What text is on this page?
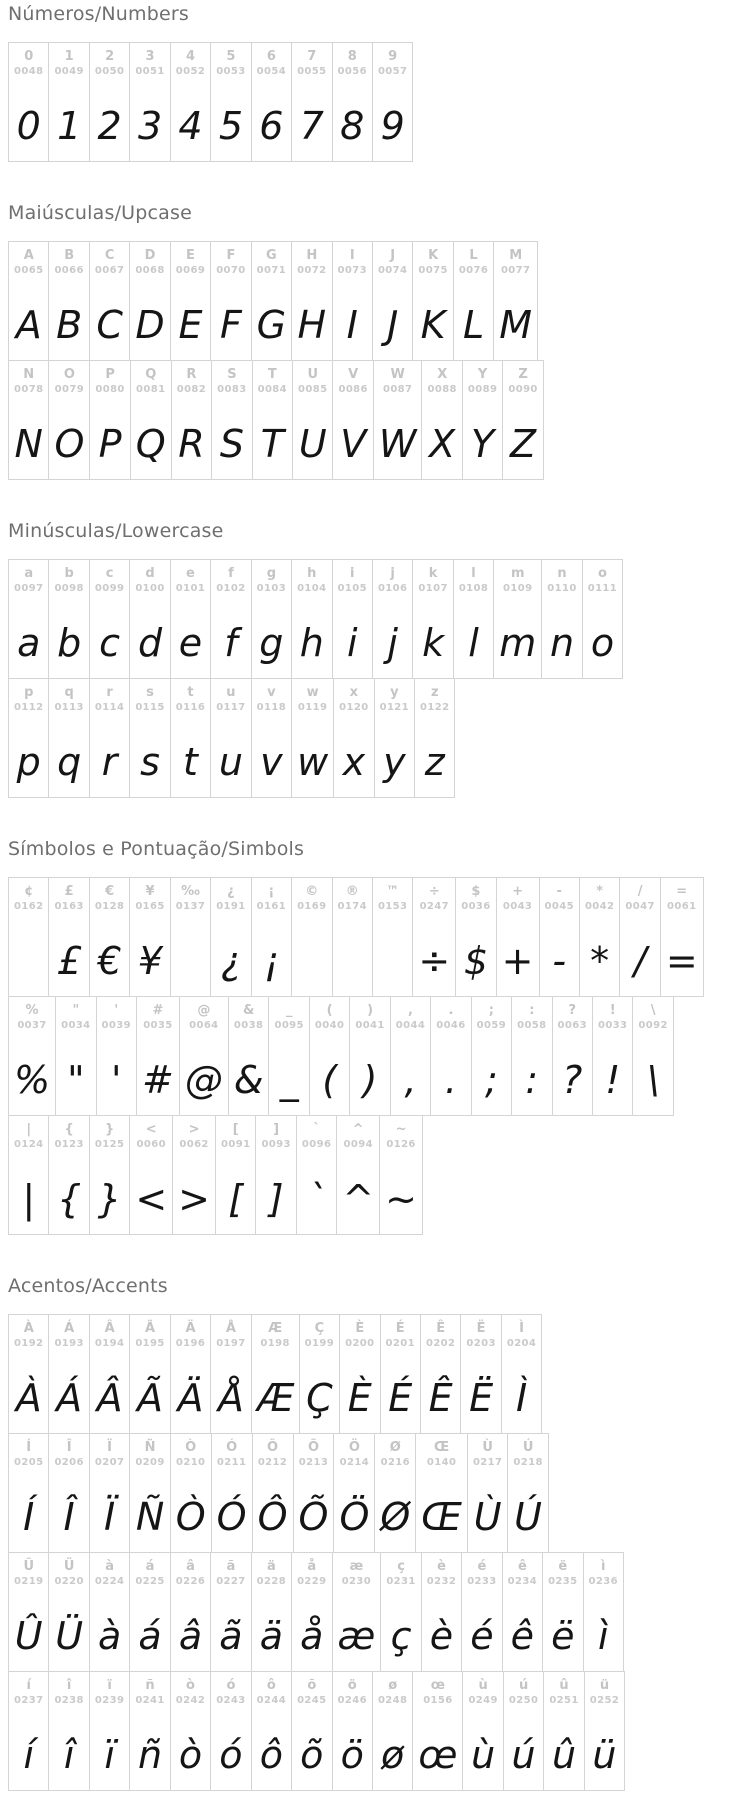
Números/Numbers
0
0048
0
1
0049
1
2
0050
2
3
0051
3
4
0052
4
5
0053
5
6
0054
6
7
0055
7
8
0056
8
9
0057
9
Maiúsculas/Upcase
A
0065
A
B
0066
B
C
0067
C
D
0068
D
E
0069
E
F
0070
F
G
0071
G
H
0072
H
I
0073
I
J
0074
J
K
0075
K
L
0076
L
M
0077
M
N
0078
N
O
0079
O
P
0080
P
Q
0081
Q
R
0082
R
S
0083
S
T
0084
T
U
0085
U
V
0086
V
W
0087
W
X
0088
X
Y
0089
Y
Z
0090
Z
Minúsculas/Lowercase
a
0097
a
b
0098
b
c
0099
c
d
0100
d
e
0101
e
f
0102
f
g
0103
g
h
0104
h
i
0105
i
j
0106
j
k
0107
k
l
0108
l
m
0109
m
n
0110
n
o
0111
o
p
0112
p
q
0113
q
r
0114
r
s
0115
s
t
0116
t
u
0117
u
v
0118
v
w
0119
w
x
0120
x
y
0121
y
z
0122
z
Símbolos e Pontuação/Simbols
¢
0162
£
0163
£
€
0128
€
¥
0165
¥
‰
0137
¿
0191
¿
¡
0161
¡
©
0169
®
0174
™
0153
÷
0247
÷
$
0036
$
+
0043
+
-
0045
-
*
0042
*
/
0047
/
=
0061
=
%
0037
%
"
0034
"
'
0039
'
#
0035
#
@
0064
@
&
0038
&
_
0095
_
(
0040
(
)
0041
)
,
0044
,
.
0046
.
;
0059
;
:
0058
:
?
0063
?
!
0033
!
\
0092
\
|
0124
|
{
0123
{
}
0125
}
<
0060
<
>
0062
>
[
0091
[
]
0093
]
`
0096
`
^
0094
^
~
0126
~
Acentos/Accents
À
0192
À
Á
0193
Á
Â
0194
Â
Ã
0195
Ã
Ä
0196
Ä
Å
0197
Å
Æ
0198
Æ
Ç
0199
Ç
È
0200
È
É
0201
É
Ê
0202
Ê
Ë
0203
Ë
Ì
0204
Ì
Í
0205
Í
Î
0206
Î
Ï
0207
Ï
Ñ
0209
Ñ
Ò
0210
Ò
Ó
0211
Ó
Ô
0212
Ô
Õ
0213
Õ
Ö
0214
Ö
Ø
0216
Ø
Œ
0140
Œ
Ù
0217
Ù
Ú
0218
Ú
Û
0219
Û
Ü
0220
Ü
à
0224
à
á
0225
á
â
0226
â
ã
0227
ã
ä
0228
ä
å
0229
å
æ
0230
æ
ç
0231
ç
è
0232
è
é
0233
é
ê
0234
ê
ë
0235
ë
ì
0236
ì
í
0237
í
î
0238
î
ï
0239
ï
ñ
0241
ñ
ò
0242
ò
ó
0243
ó
ô
0244
ô
õ
0245
õ
ö
0246
ö
ø
0248
ø
œ
0156
œ
ù
0249
ù
ú
0250
ú
û
0251
û
ü
0252
ü
